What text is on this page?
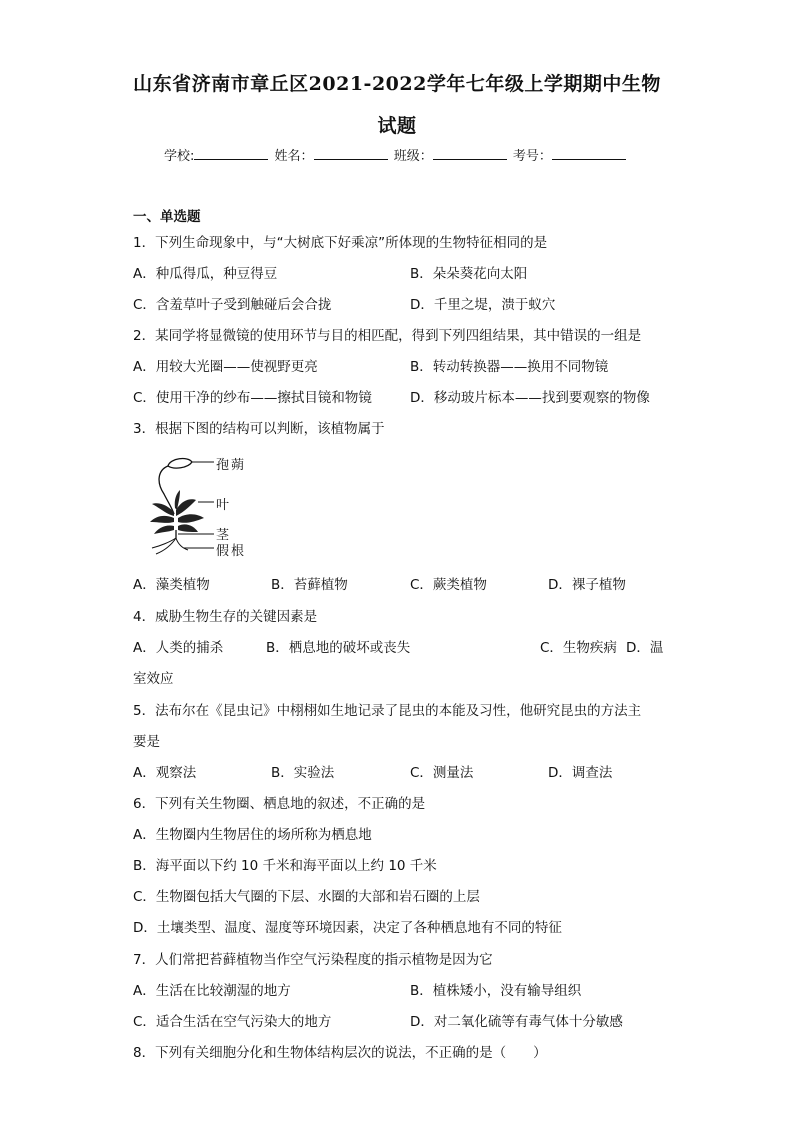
山东省济南市章丘区2021-2022学年七年级上学期期中生物
试题
学校:	姓名：	班级：	考号：
一、单选题
1．下列生命现象中，与“大树底下好乘凉”所体现的生物特征相同的是
A．种瓜得瓜，种豆得豆	B．朵朵葵花向太阳
C．含羞草叶子受到触碰后会合拢	D．千里之堤，溃于蚁穴
2．某同学将显微镜的使用环节与目的相匹配，得到下列四组结果，其中错误的一组是
A．用较大光圈——使视野更亮	B．转动转换器——换用不同物镜
C．使用干净的纱布——擦拭目镜和物镜	D．移动玻片标本——找到要观察的物像
3．根据下图的结构可以判断，该植物属于
孢蒴
叶
茎
假根
A．藻类植物	B．苔藓植物	C．蕨类植物	D．裸子植物
4．威胁生物生存的关键因素是
A．人类的捕杀	B．栖息地的破坏或丧失	C．生物疾病 D．温
室效应
5．法布尔在《昆虫记》中栩栩如生地记录了昆虫的本能及习性，他研究昆虫的方法主
要是
A．观察法	B．实验法	C．测量法	D．调查法
6．下列有关生物圈、栖息地的叙述，不正确的是
A．生物圈内生物居住的场所称为栖息地
B．海平面以下约 10 千米和海平面以上约 10 千米
C．生物圈包括大气圈的下层、水圈的大部和岩石圈的上层
D．土壤类型、温度、湿度等环境因素，决定了各种栖息地有不同的特征
7．人们常把苔藓植物当作空气污染程度的指示植物是因为它
A．生活在比较潮湿的地方	B．植株矮小，没有输导组织
C．适合生活在空气污染大的地方	D．对二氧化硫等有毒气体十分敏感
8．下列有关细胞分化和生物体结构层次的说法，不正确的是（　　）
